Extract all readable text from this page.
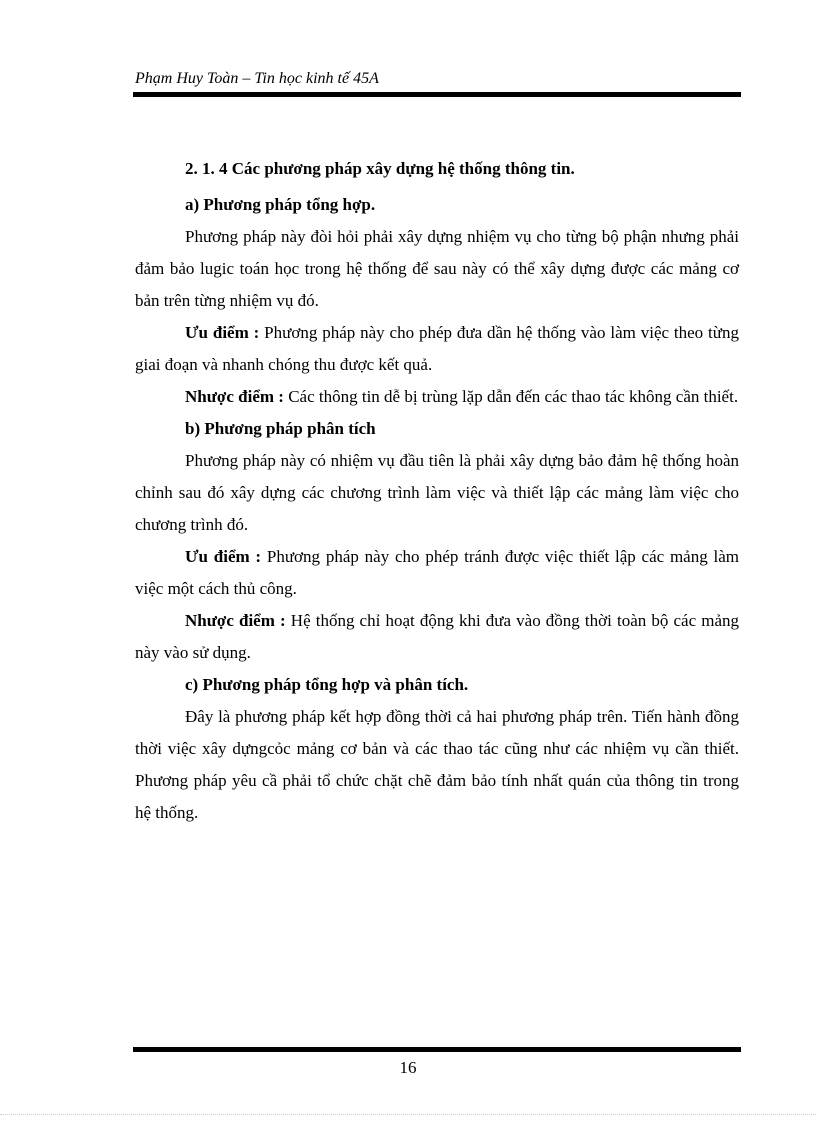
Phạm Huy Toàn – Tin học kinh tế 45A
2. 1. 4 Các phương pháp xây dựng hệ thống thông tin.
a) Phương pháp tổng hợp.

Phương pháp này đòi hỏi phải xây dựng nhiệm vụ cho từng bộ phận nhưng phải đảm bảo lugic toán học trong hệ thống để sau này có thể xây dựng được các mảng cơ bản trên từng nhiệm vụ đó.

Ưu điểm : Phương pháp này cho phép đưa dần hệ thống vào làm việc theo từng giai đoạn và nhanh chóng thu được kết quả.

Nhược điểm : Các thông tin dễ bị trùng lặp dẫn đến các thao tác không cần thiết.

b) Phương pháp phân tích

Phương pháp này có nhiệm vụ đầu tiên là phải xây dựng bảo đảm hệ thống hoàn chỉnh sau đó xây dựng các chương trình làm việc và thiết lập các mảng làm việc cho chương trình đó.

Ưu điểm : Phương pháp này cho phép tránh được việc thiết lập các mảng làm việc một cách thủ công.

Nhược điểm : Hệ thống chỉ hoạt động khi đưa vào đồng thời toàn bộ các mảng này vào sử dụng.

c) Phương pháp tổng hợp và phân tích.

Đây là phương pháp kết hợp đồng thời cả hai phương pháp trên. Tiến hành đồng thời việc xây dựngcỏc mảng cơ bản và các thao tác cũng như các nhiệm vụ cần thiết. Phương pháp yêu cầ phải tổ chức chặt chẽ đảm bảo tính nhất quán của thông tin trong hệ thống.

16
